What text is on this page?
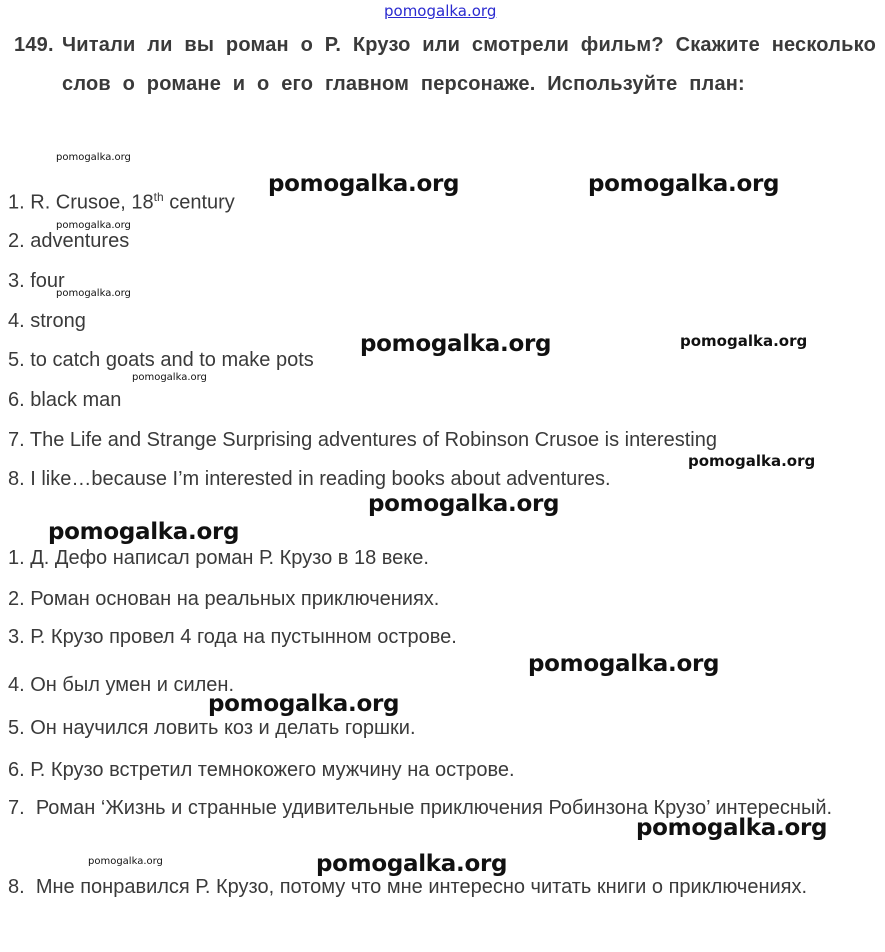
pomogalka.org
149. Читали ли вы роман о Р. Крузо или смотрели фильм? Скажите несколько слов о романе и о его главном персонаже. Используйте план:
1. R. Crusoe, 18th century
2. adventures
3. four
4. strong
5. to catch goats and to make pots
6. black man
7. The Life and Strange Surprising adventures of Robinson Crusoe is interesting
8. I like…because I’m interested in reading books about adventures.
1. Д. Дефо написал роман Р. Крузо в 18 веке.
2. Роман основан на реальных приключениях.
3. Р. Крузо провел 4 года на пустынном острове.
4. Он был умен и силен.
5. Он научился ловить коз и делать горшки.
6. Р. Крузо встретил темнокожего мужчину на острове.
7. Роман ‘Жизнь и странные удивительные приключения Робинзона Крузо’ интересный.
8. Мне понравился Р. Крузо, потому что мне интересно читать книги о приключениях.
pomogalka.org
pomogalka.org	pomogalka.org
pomogalka.org
pomogalka.org
pomogalka.org	pomogalka.org
pomogalka.org
pomogalka.org
pomogalka.org
pomogalka.org
pomogalka.org
pomogalka.org
pomogalka.org
pomogalka.org
pomogalka.org
